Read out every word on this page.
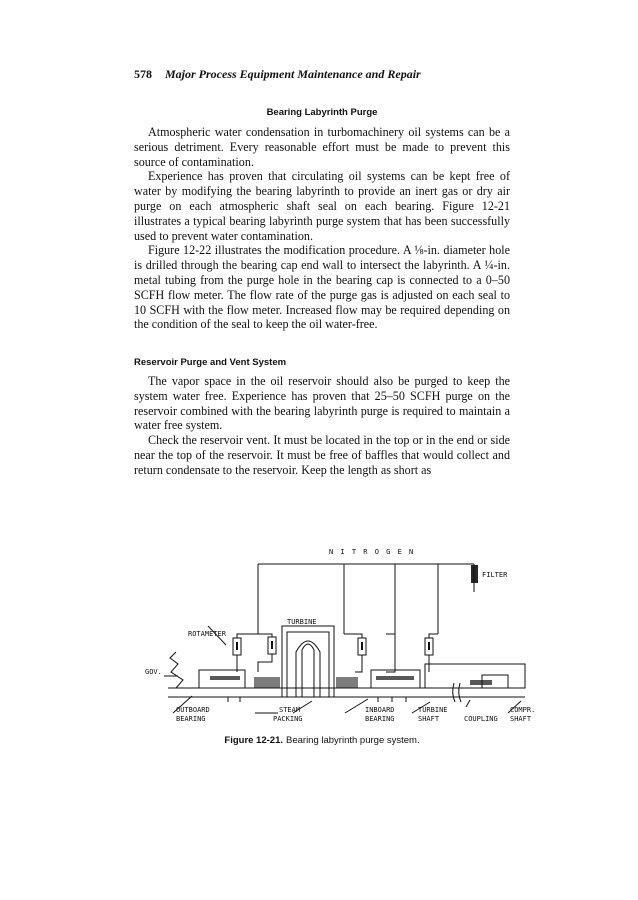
578 Major Process Equipment Maintenance and Repair
Bearing Labyrinth Purge

Atmospheric water condensation in turbomachinery oil systems can be a serious detriment. Every reasonable effort must be made to prevent this source of contamination.

Experience has proven that circulating oil systems can be kept free of water by modifying the bearing labyrinth to provide an inert gas or dry air purge on each atmospheric shaft seal on each bearing. Figure 12-21 illustrates a typical bearing labyrinth purge system that has been successfully used to prevent water contamination.

Figure 12-22 illustrates the modification procedure. A ⅛-in. diameter hole is drilled through the bearing cap end wall to intersect the labyrinth. A ¼-in. metal tubing from the purge hole in the bearing cap is connected to a 0–50 SCFH flow meter. The flow rate of the purge gas is adjusted on each seal to 10 SCFH with the flow meter. Increased flow may be required depending on the condition of the seal to keep the oil water-free.

Reservoir Purge and Vent System

The vapor space in the oil reservoir should also be purged to keep the system water free. Experience has proven that 25–50 SCFH purge on the reservoir combined with the bearing labyrinth purge is required to maintain a water free system.

Check the reservoir vent. It must be located in the top or in the end or side near the top of the reservoir. It must be free of baffles that would collect and return condensate to the reservoir. Keep the length as short as

N I T R O G E N
FILTER
ROTAMETER
TURBINE
GOV.
OUTBOARD
BEARING
STEAM
PACKING
INBOARD
BEARING
TURBINE
SHAFT	COUPLING
COMPR.
SHAFT
Figure 12-21. Bearing labyrinth purge system.
